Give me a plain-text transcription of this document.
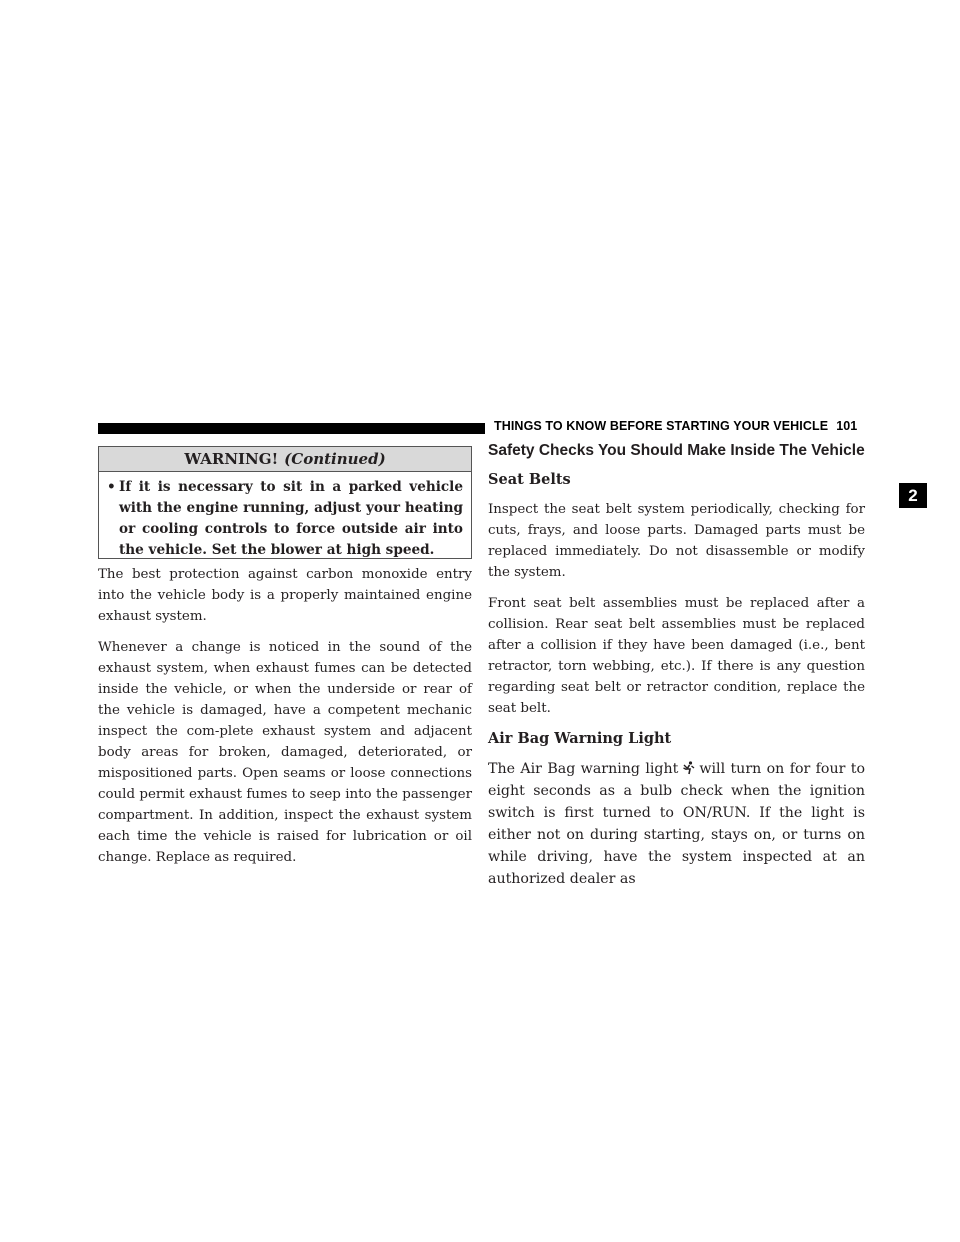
THINGS TO KNOW BEFORE STARTING YOUR VEHICLE 101
2
WARNING! (Continued)
• If it is necessary to sit in a parked vehicle with the engine running, adjust your heating or cooling controls to force outside air into the vehicle. Set the blower at high speed.

The best protection against carbon monoxide entry into the vehicle body is a properly maintained engine exhaust system.

Whenever a change is noticed in the sound of the exhaust system, when exhaust fumes can be detected inside the vehicle, or when the underside or rear of the vehicle is damaged, have a competent mechanic inspect the com-plete exhaust system and adjacent body areas for broken, damaged, deteriorated, or mispositioned parts. Open seams or loose connections could permit exhaust fumes to seep into the passenger compartment. In addition, inspect the exhaust system each time the vehicle is raised for lubrication or oil change. Replace as required.

Safety Checks You Should Make Inside The Vehicle
Seat Belts

Inspect the seat belt system periodically, checking for cuts, frays, and loose parts. Damaged parts must be replaced immediately. Do not disassemble or modify the system.

Front seat belt assemblies must be replaced after a collision. Rear seat belt assemblies must be replaced after a collision if they have been damaged (i.e., bent retractor, torn webbing, etc.). If there is any question regarding seat belt or retractor condition, replace the seat belt.

Air Bag Warning Light

The Air Bag warning light will turn on for four to eight seconds as a bulb check when the ignition switch is first turned to ON/RUN. If the light is either not on during starting, stays on, or turns on while driving, have the system inspected at an authorized dealer as
